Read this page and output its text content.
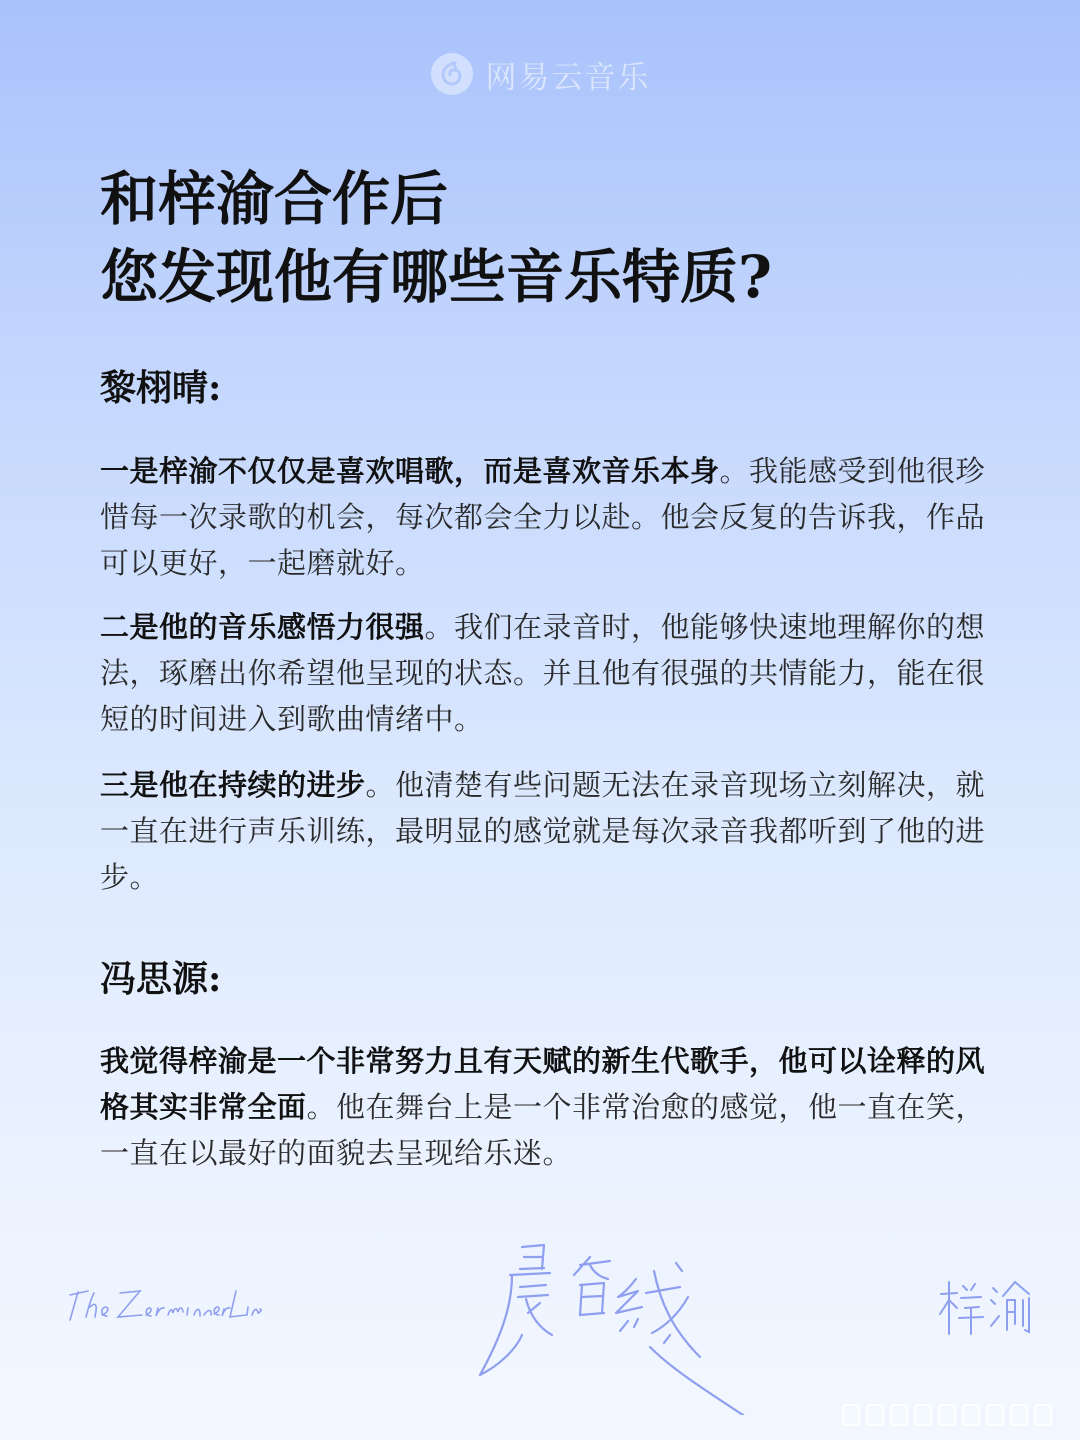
网易云音乐
和梓渝合作后
您发现他有哪些音乐特质?
黎栩晴:

一是梓渝不仅仅是喜欢唱歌，而是喜欢音乐本身。我能感受到他很珍惜每一次录歌的机会，每次都会全力以赴。他会反复的告诉我，作品可以更好，一起磨就好。

二是他的音乐感悟力很强。我们在录音时，他能够快速地理解你的想法，琢磨出你希望他呈现的状态。并且他有很强的共情能力，能在很短的时间进入到歌曲情绪中。

三是他在持续的进步。他清楚有些问题无法在录音现场立刻解决，就一直在进行声乐训练，最明显的感觉就是每次录音我都听到了他的进步。

冯思源:

我觉得梓渝是一个非常努力且有天赋的新生代歌手，他可以诠释的风格其实非常全面。他在舞台上是一个非常治愈的感觉，他一直在笑，一直在以最好的面貌去呈现给乐迷。
